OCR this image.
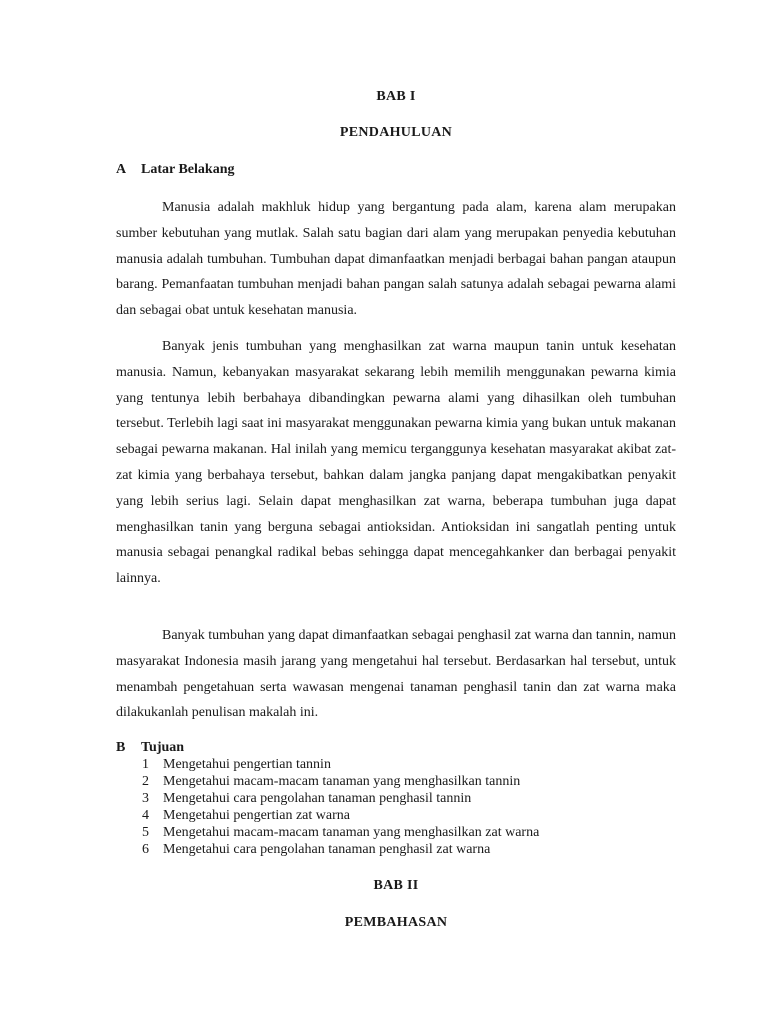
BAB I
PENDAHULUAN
A Latar Belakang

Manusia adalah makhluk hidup yang bergantung pada alam, karena alam merupakan sumber kebutuhan yang mutlak. Salah satu bagian dari alam yang merupakan penyedia kebutuhan manusia adalah tumbuhan. Tumbuhan dapat dimanfaatkan menjadi berbagai bahan pangan ataupun barang. Pemanfaatan tumbuhan menjadi bahan pangan salah satunya adalah sebagai pewarna alami dan sebagai obat untuk kesehatan manusia.

Banyak jenis tumbuhan yang menghasilkan zat warna maupun tanin untuk kesehatan manusia. Namun, kebanyakan masyarakat sekarang lebih memilih menggunakan pewarna kimia yang tentunya lebih berbahaya dibandingkan pewarna alami yang dihasilkan oleh tumbuhan tersebut. Terlebih lagi saat ini masyarakat menggunakan pewarna kimia yang bukan untuk makanan sebagai pewarna makanan. Hal inilah yang memicu terganggunya kesehatan masyarakat akibat zat-zat kimia yang berbahaya tersebut, bahkan dalam jangka panjang dapat mengakibatkan penyakit yang lebih serius lagi. Selain dapat menghasilkan zat warna, beberapa tumbuhan juga dapat menghasilkan tanin yang berguna sebagai antioksidan. Antioksidan ini sangatlah penting untuk manusia sebagai penangkal radikal bebas sehingga dapat mencegahkanker dan berbagai penyakit lainnya.

Banyak tumbuhan yang dapat dimanfaatkan sebagai penghasil zat warna dan tannin, namun masyarakat Indonesia masih jarang yang mengetahui hal tersebut. Berdasarkan hal tersebut, untuk menambah pengetahuan serta wawasan mengenai tanaman penghasil tanin dan zat warna maka dilakukanlah penulisan makalah ini.

B Tujuan
1	Mengetahui pengertian tannin
2	Mengetahui macam-macam tanaman yang menghasilkan tannin
3	Mengetahui cara pengolahan tanaman penghasil tannin
4	Mengetahui pengertian zat warna
5	Mengetahui macam-macam tanaman yang menghasilkan zat warna
6	Mengetahui cara pengolahan tanaman penghasil zat warna
BAB II
PEMBAHASAN
